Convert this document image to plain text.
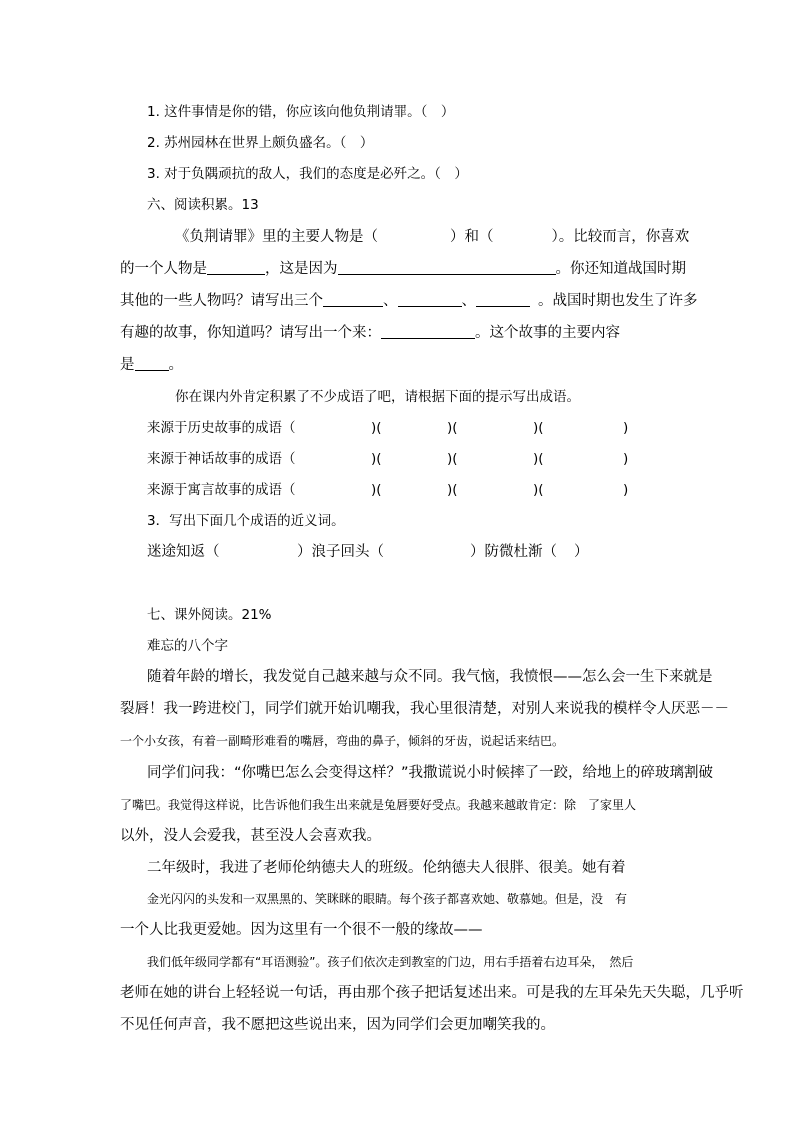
1. 这件事情是你的错，你应该向他负荆请罪。（　）
2. 苏州园林在世界上颇负盛名。（　）
3. 对于负隅顽抗的敌人，我们的态度是必歼之。（　）
六、阅读积累。13
《负荆请罪》里的主要人物是（	）和（	）。比较而言，你喜欢
的一个人物是	，这是因为	。你还知道战国时期
其他的一些人物吗？请写出三个	、	、	。战国时期也发生了许多
有趣的故事，你知道吗？请写出一个来：	。这个故事的主要内容
是 。
你在课内外肯定积累了不少成语了吧，请根据下面的提示写出成语。
来源于历史故事的成语（	)(	)(	)(	)
来源于神话故事的成语（	)(	)(	)(	)
来源于寓言故事的成语（	)(	)(	)(	)
3．写出下面几个成语的近义词。
迷途知返（	）浪子回头（	）防微杜渐（	）
七、课外阅读。21%
难忘的八个字
随着年龄的增长，我发觉自己越来越与众不同。我气恼，我愤恨——怎么会一生下来就是
裂唇！我一跨进校门，同学们就开始讥嘲我，我心里很清楚，对别人来说我的模样令人厌恶－－
一个小女孩，有着一副畸形难看的嘴唇，弯曲的鼻子，倾斜的牙齿，说起话来结巴。
同学们问我：“你嘴巴怎么会变得这样？”我撒谎说小时候摔了一跤，给地上的碎玻璃割破
了嘴巴。我觉得这样说，比告诉他们我生出来就是兔唇要好受点。我越来越敢肯定：除　了家里人
以外，没人会爱我，甚至没人会喜欢我。
二年级时，我进了老师伦纳德夫人的班级。伦纳德夫人很胖、很美。她有着
金光闪闪的头发和一双黑黑的、笑眯眯的眼睛。每个孩子都喜欢她、敬慕她。但是，没　有
一个人比我更爱她。因为这里有一个很不一般的缘故——
我们低年级同学都有“耳语测验”。孩子们依次走到教室的门边，用右手捂着右边耳朵，　然后
老师在她的讲台上轻轻说一句话，再由那个孩子把话复述出来。可是我的左耳朵先天失聪，几乎听
不见任何声音，我不愿把这些说出来，因为同学们会更加嘲笑我的。
